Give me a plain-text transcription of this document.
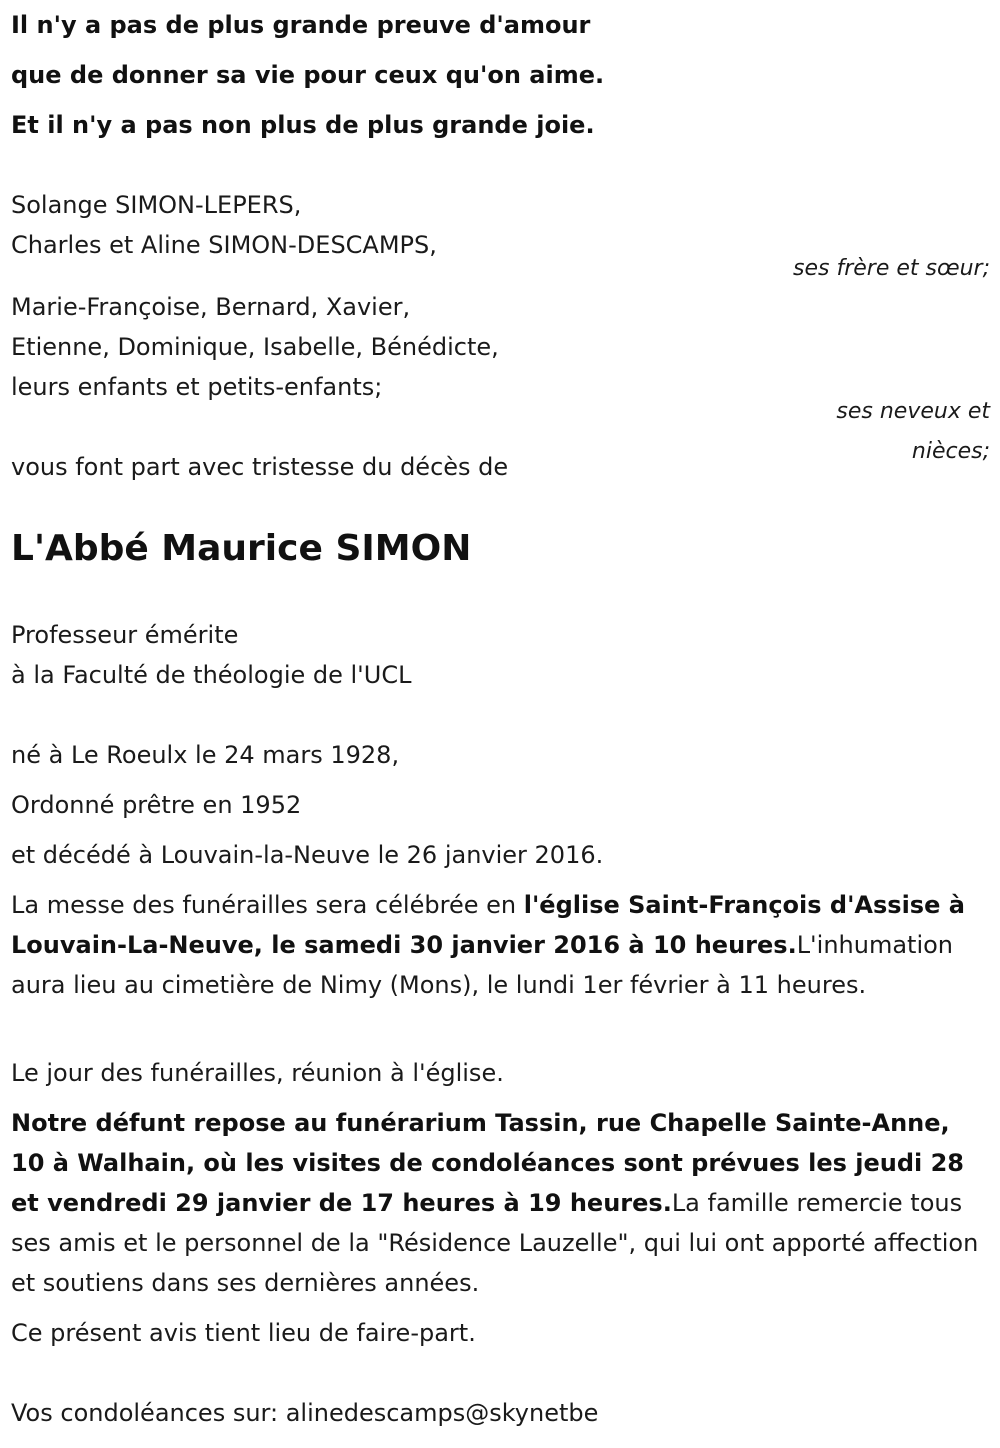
Il n'y a pas de plus grande preuve d'amour
que de donner sa vie pour ceux qu'on aime.
Et il n'y a pas non plus de plus grande joie.
Solange SIMON-LEPERS,
Charles et Aline SIMON-DESCAMPS,
ses frère et sœur;
Marie-Françoise, Bernard, Xavier,
Etienne, Dominique, Isabelle, Bénédicte,
leurs enfants et petits-enfants;
ses neveux et
nièces;
vous font part avec tristesse du décès de
L'Abbé Maurice SIMON
Professeur émérite
à la Faculté de théologie de l'UCL
né à Le Roeulx le 24 mars 1928,
Ordonné prêtre en 1952
et décédé à Louvain-la-Neuve le 26 janvier 2016.
La messe des funérailles sera célébrée en l'église Saint-François d'Assise à Louvain-La-Neuve, le samedi 30 janvier 2016 à 10 heures.L'inhumation aura lieu au cimetière de Nimy (Mons), le lundi 1er février à 11 heures.
Le jour des funérailles, réunion à l'église.
Notre défunt repose au funérarium Tassin, rue Chapelle Sainte-Anne, 10 à Walhain, où les visites de condoléances sont prévues les jeudi 28 et vendredi 29 janvier de 17 heures à 19 heures.La famille remercie tous ses amis et le personnel de la "Résidence Lauzelle", qui lui ont apporté affection et soutiens dans ses dernières années.
Ce présent avis tient lieu de faire-part.
Vos condoléances sur: alinedescamps@skynetbe
